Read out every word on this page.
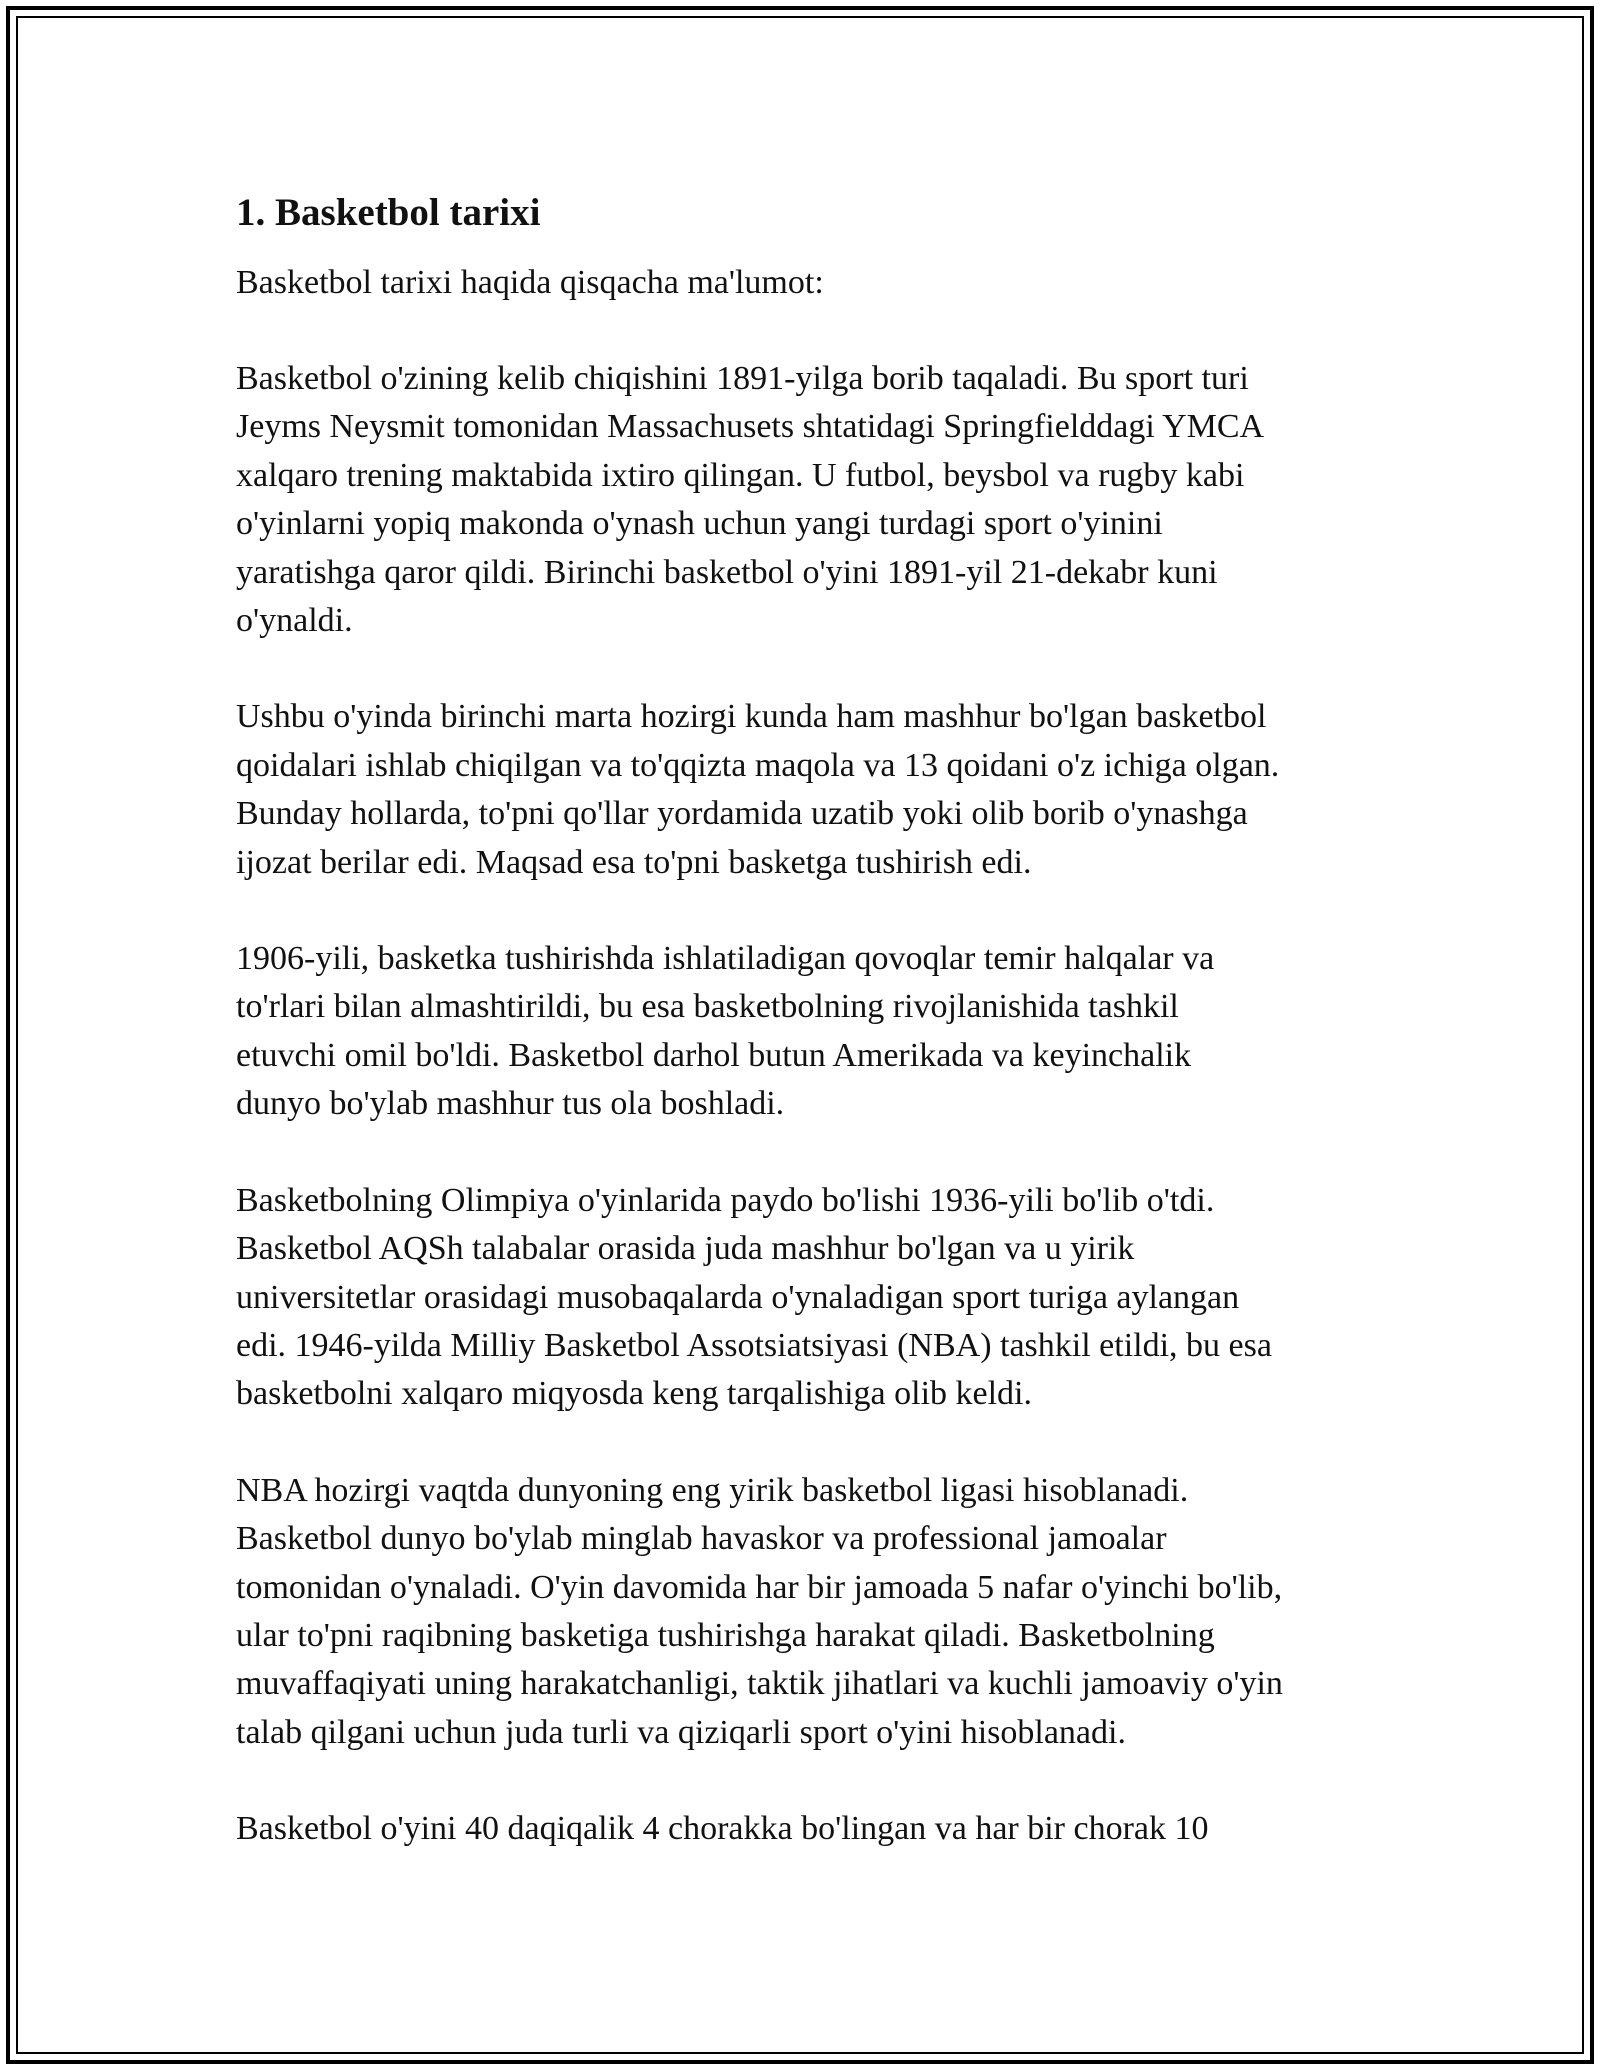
1. Basketbol tarixi

Basketbol tarixi haqida qisqacha ma'lumot:

Basketbol o'zining kelib chiqishini 1891-yilga borib taqaladi. Bu sport turi
Jeyms Neysmit tomonidan Massachusets shtatidagi Springfielddagi YMCA
xalqaro trening maktabida ixtiro qilingan. U futbol, beysbol va rugby kabi
o'yinlarni yopiq makonda o'ynash uchun yangi turdagi sport o'yinini
yaratishga qaror qildi. Birinchi basketbol o'yini 1891-yil 21-dekabr kuni
o'ynaldi.

Ushbu o'yinda birinchi marta hozirgi kunda ham mashhur bo'lgan basketbol
qoidalari ishlab chiqilgan va to'qqizta maqola va 13 qoidani o'z ichiga olgan.
Bunday hollarda, to'pni qo'llar yordamida uzatib yoki olib borib o'ynashga
ijozat berilar edi. Maqsad esa to'pni basketga tushirish edi.

1906-yili, basketka tushirishda ishlatiladigan qovoqlar temir halqalar va
to'rlari bilan almashtirildi, bu esa basketbolning rivojlanishida tashkil
etuvchi omil bo'ldi. Basketbol darhol butun Amerikada va keyinchalik
dunyo bo'ylab mashhur tus ola boshladi.

Basketbolning Olimpiya o'yinlarida paydo bo'lishi 1936-yili bo'lib o'tdi.
Basketbol AQSh talabalar orasida juda mashhur bo'lgan va u yirik
universitetlar orasidagi musobaqalarda o'ynaladigan sport turiga aylangan
edi. 1946-yilda Milliy Basketbol Assotsiatsiyasi (NBA) tashkil etildi, bu esa
basketbolni xalqaro miqyosda keng tarqalishiga olib keldi.

NBA hozirgi vaqtda dunyoning eng yirik basketbol ligasi hisoblanadi.
Basketbol dunyo bo'ylab minglab havaskor va professional jamoalar
tomonidan o'ynaladi. O'yin davomida har bir jamoada 5 nafar o'yinchi bo'lib,
ular to'pni raqibning basketiga tushirishga harakat qiladi. Basketbolning
muvaffaqiyati uning harakatchanligi, taktik jihatlari va kuchli jamoaviy o'yin
talab qilgani uchun juda turli va qiziqarli sport o'yini hisoblanadi.

Basketbol o'yini 40 daqiqalik 4 chorakka bo'lingan va har bir chorak 10
